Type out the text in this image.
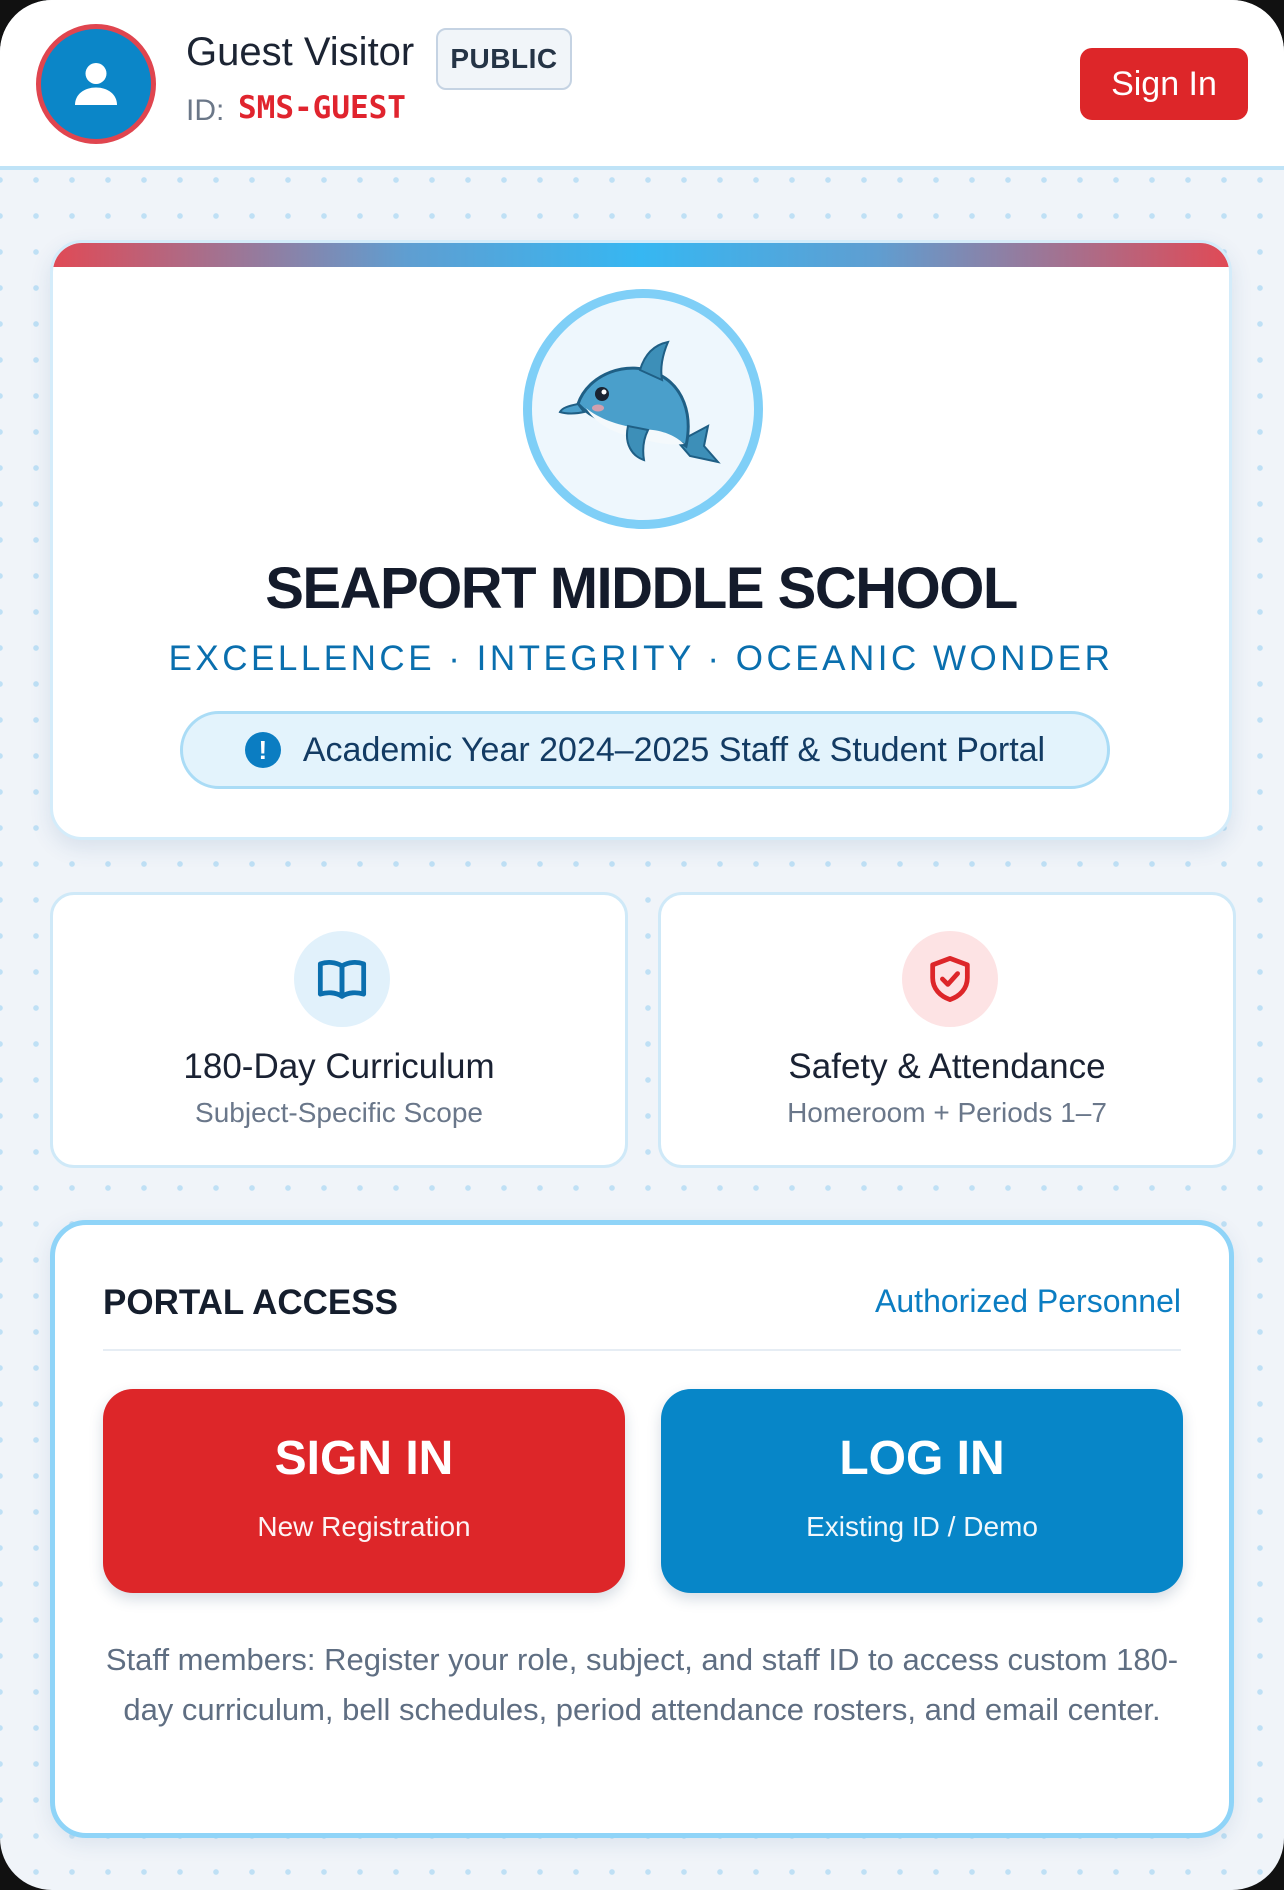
Guest Visitor	PUBLIC
ID: SMS-GUEST
Sign In
SEAPORT MIDDLE SCHOOL
EXCELLENCE · INTEGRITY · OCEANIC WONDER
!	Academic Year 2024–2025 Staff & Student Portal
180-Day Curriculum
Subject-Specific Scope
Safety & Attendance
Homeroom + Periods 1–7
PORTAL ACCESS	Authorized Personnel
SIGN IN
New Registration
LOG IN
Existing ID / Demo

Staff members: Register your role, subject, and staff ID to access custom 180-day curriculum, bell schedules, period attendance rosters, and email center.
